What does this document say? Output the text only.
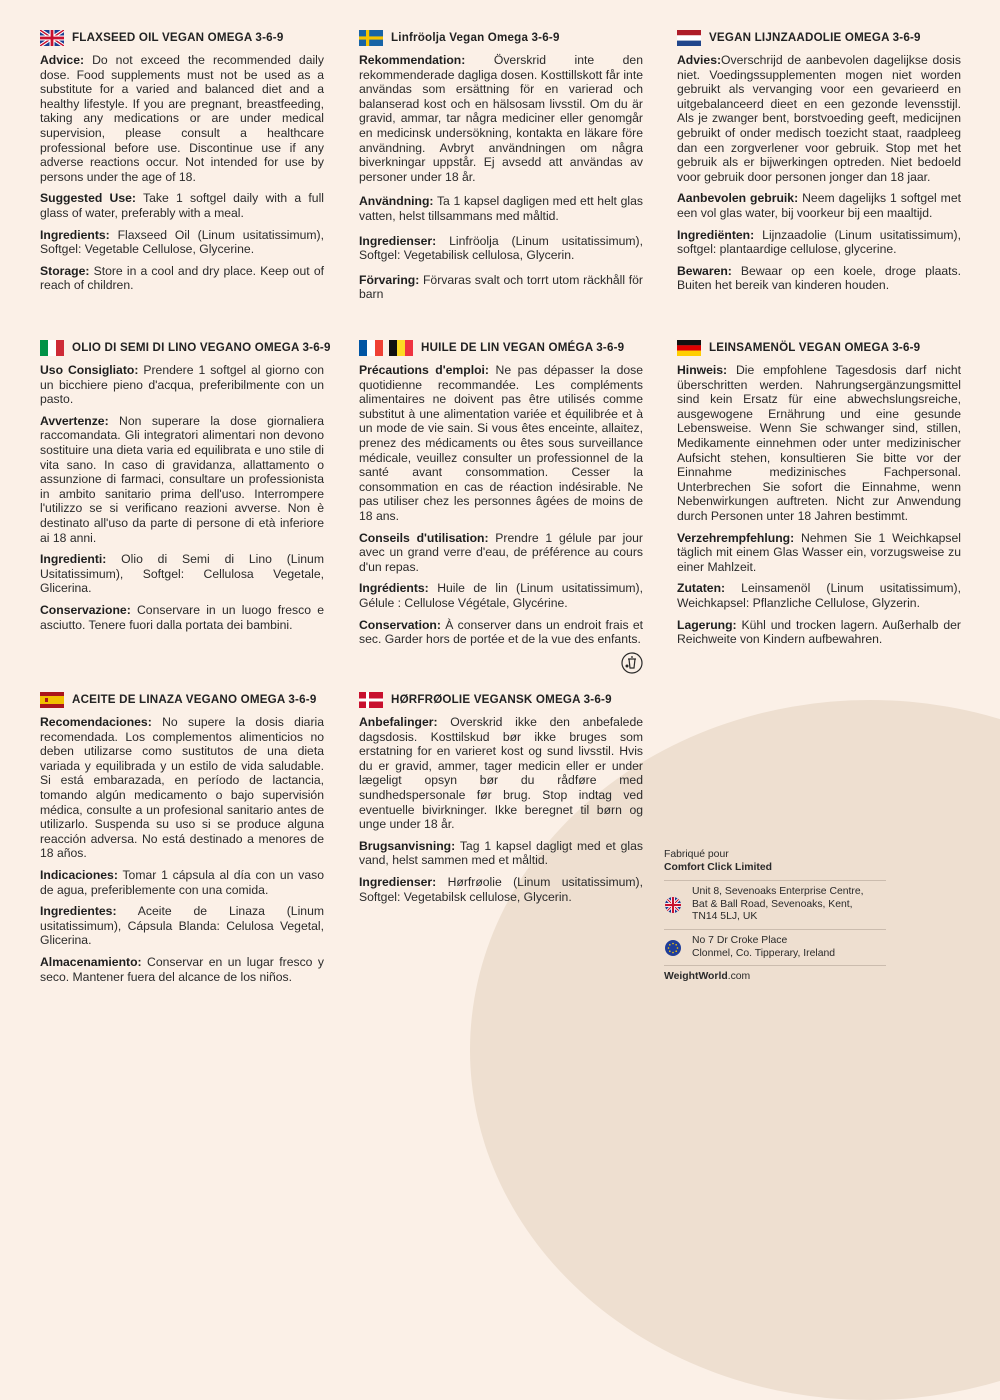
FLAXSEED OIL VEGAN OMEGA 3-6-9

Advice: Do not exceed the recommended daily dose. Food supplements must not be used as a substitute for a varied and balanced diet and a healthy lifestyle. If you are pregnant, breastfeeding, taking any medications or are under medical supervision, please consult a healthcare professional before use. Discontinue use if any adverse reactions occur. Not intended for use by persons under the age of 18.

Suggested Use: Take 1 softgel daily with a full glass of water, preferably with a meal.

Ingredients: Flaxseed Oil (Linum usitatissimum), Softgel: Vegetable Cellulose, Glycerine.

Storage: Store in a cool and dry place. Keep out of reach of children.

Linfröolja Vegan Omega 3-6-9

Rekommendation: Överskrid inte den rekommenderade dagliga dosen. Kosttillskott får inte användas som ersättning för en varierad och balanserad kost och en hälsosam livsstil. Om du är gravid, ammar, tar några mediciner eller genomgår en medicinsk undersökning, kontakta en läkare före användning. Avbryt användningen om några biverkningar uppstår. Ej avsedd att användas av personer under 18 år.

Användning: Ta 1 kapsel dagligen med ett helt glas vatten, helst tillsammans med måltid.

Ingredienser: Linfröolja (Linum usitatissimum), Softgel: Vegetabilisk cellulosa, Glycerin.

Förvaring: Förvaras svalt och torrt utom räckhåll för barn

VEGAN LIJNZAADOLIE OMEGA 3-6-9

Advies:Overschrijd de aanbevolen dagelijkse dosis niet. Voedingssupplementen mogen niet worden gebruikt als vervanging voor een gevarieerd en uitgebalanceerd dieet en een gezonde levensstijl. Als je zwanger bent, borstvoeding geeft, medicijnen gebruikt of onder medisch toezicht staat, raadpleeg dan een zorgverlener voor gebruik. Stop met het gebruik als er bijwerkingen optreden. Niet bedoeld voor gebruik door personen jonger dan 18 jaar.

Aanbevolen gebruik: Neem dagelijks 1 softgel met een vol glas water, bij voorkeur bij een maaltijd.

Ingrediënten: Lijnzaadolie (Linum usitatissimum), softgel: plantaardige cellulose, glycerine.

Bewaren: Bewaar op een koele, droge plaats. Buiten het bereik van kinderen houden.

OLIO DI SEMI DI LINO VEGANO OMEGA 3-6-9

Uso Consigliato: Prendere 1 softgel al giorno con un bicchiere pieno d'acqua, preferibilmente con un pasto.

Avvertenze: Non superare la dose giornaliera raccomandata. Gli integratori alimentari non devono sostituire una dieta varia ed equilibrata e uno stile di vita sano. In caso di gravidanza, allattamento o assunzione di farmaci, consultare un professionista in ambito sanitario prima dell'uso. Interrompere l'utilizzo se si verificano reazioni avverse. Non è destinato all'uso da parte di persone di età inferiore ai 18 anni.

Ingredienti: Olio di Semi di Lino (Linum Usitatissimum), Softgel: Cellulosa Vegetale, Glicerina.

Conservazione: Conservare in un luogo fresco e asciutto. Tenere fuori dalla portata dei bambini.

HUILE DE LIN VEGAN OMÉGA 3-6-9

Précautions d'emploi: Ne pas dépasser la dose quotidienne recommandée. Les compléments alimentaires ne doivent pas être utilisés comme substitut à une alimentation variée et équilibrée et à un mode de vie sain. Si vous êtes enceinte, allaitez, prenez des médicaments ou êtes sous surveillance médicale, veuillez consulter un professionnel de la santé avant consommation. Cesser la consommation en cas de réaction indésirable. Ne pas utiliser chez les personnes âgées de moins de 18 ans.

Conseils d'utilisation: Prendre 1 gélule par jour avec un grand verre d'eau, de préférence au cours d'un repas.

Ingrédients: Huile de lin (Linum usitatissimum), Gélule : Cellulose Végétale, Glycérine.

Conservation: À conserver dans un endroit frais et sec. Garder hors de portée et de la vue des enfants.

LEINSAMENÖL VEGAN OMEGA 3-6-9

Hinweis: Die empfohlene Tagesdosis darf nicht überschritten werden. Nahrungsergänzungsmittel sind kein Ersatz für eine abwechslungsreiche, ausgewogene Ernährung und eine gesunde Lebensweise. Wenn Sie schwanger sind, stillen, Medikamente einnehmen oder unter medizinischer Aufsicht stehen, konsultieren Sie bitte vor der Einnahme medizinisches Fachpersonal. Unterbrechen Sie sofort die Einnahme, wenn Nebenwirkungen auftreten. Nicht zur Anwendung durch Personen unter 18 Jahren bestimmt.

Verzehrempfehlung: Nehmen Sie 1 Weichkapsel täglich mit einem Glas Wasser ein, vorzugsweise zu einer Mahlzeit.

Zutaten: Leinsamenöl (Linum usitatissimum), Weichkapsel: Pflanzliche Cellulose, Glyzerin.

Lagerung: Kühl und trocken lagern. Außerhalb der Reichweite von Kindern aufbewahren.

ACEITE DE LINAZA VEGANO OMEGA 3-6-9

Recomendaciones: No supere la dosis diaria recomendada. Los complementos alimenticios no deben utilizarse como sustitutos de una dieta variada y equilibrada y un estilo de vida saludable. Si está embarazada, en período de lactancia, tomando algún medicamento o bajo supervisión médica, consulte a un profesional sanitario antes de utilizarlo. Suspenda su uso si se produce alguna reacción adversa. No está destinado a menores de 18 años.

Indicaciones: Tomar 1 cápsula al día con un vaso de agua, preferiblemente con una comida.

Ingredientes: Aceite de Linaza (Linum usitatissimum), Cápsula Blanda: Celulosa Vegetal, Glicerina.

Almacenamiento: Conservar en un lugar fresco y seco. Mantener fuera del alcance de los niños.

HØRFRØOLIE VEGANSK OMEGA 3-6-9

Anbefalinger: Overskrid ikke den anbefalede dagsdosis. Kosttilskud bør ikke bruges som erstatning for en varieret kost og sund livsstil. Hvis du er gravid, ammer, tager medicin eller er under lægeligt opsyn bør du rådføre med sundhedspersonale før brug. Stop indtag ved eventuelle bivirkninger. Ikke beregnet til børn og unge under 18 år.

Brugsanvisning: Tag 1 kapsel dagligt med et glas vand, helst sammen med et måltid.

Ingredienser: Hørfrøolie (Linum usitatissimum), Softgel: Vegetabilsk cellulose, Glycerin.

Fabriqué pour

Comfort Click Limited

Unit 8, Sevenoaks Enterprise Centre,
Bat & Ball Road, Sevenoaks, Kent,
TN14 5LJ, UK
No 7 Dr Croke Place
Clonmel, Co. Tipperary, Ireland
WeightWorld.com
